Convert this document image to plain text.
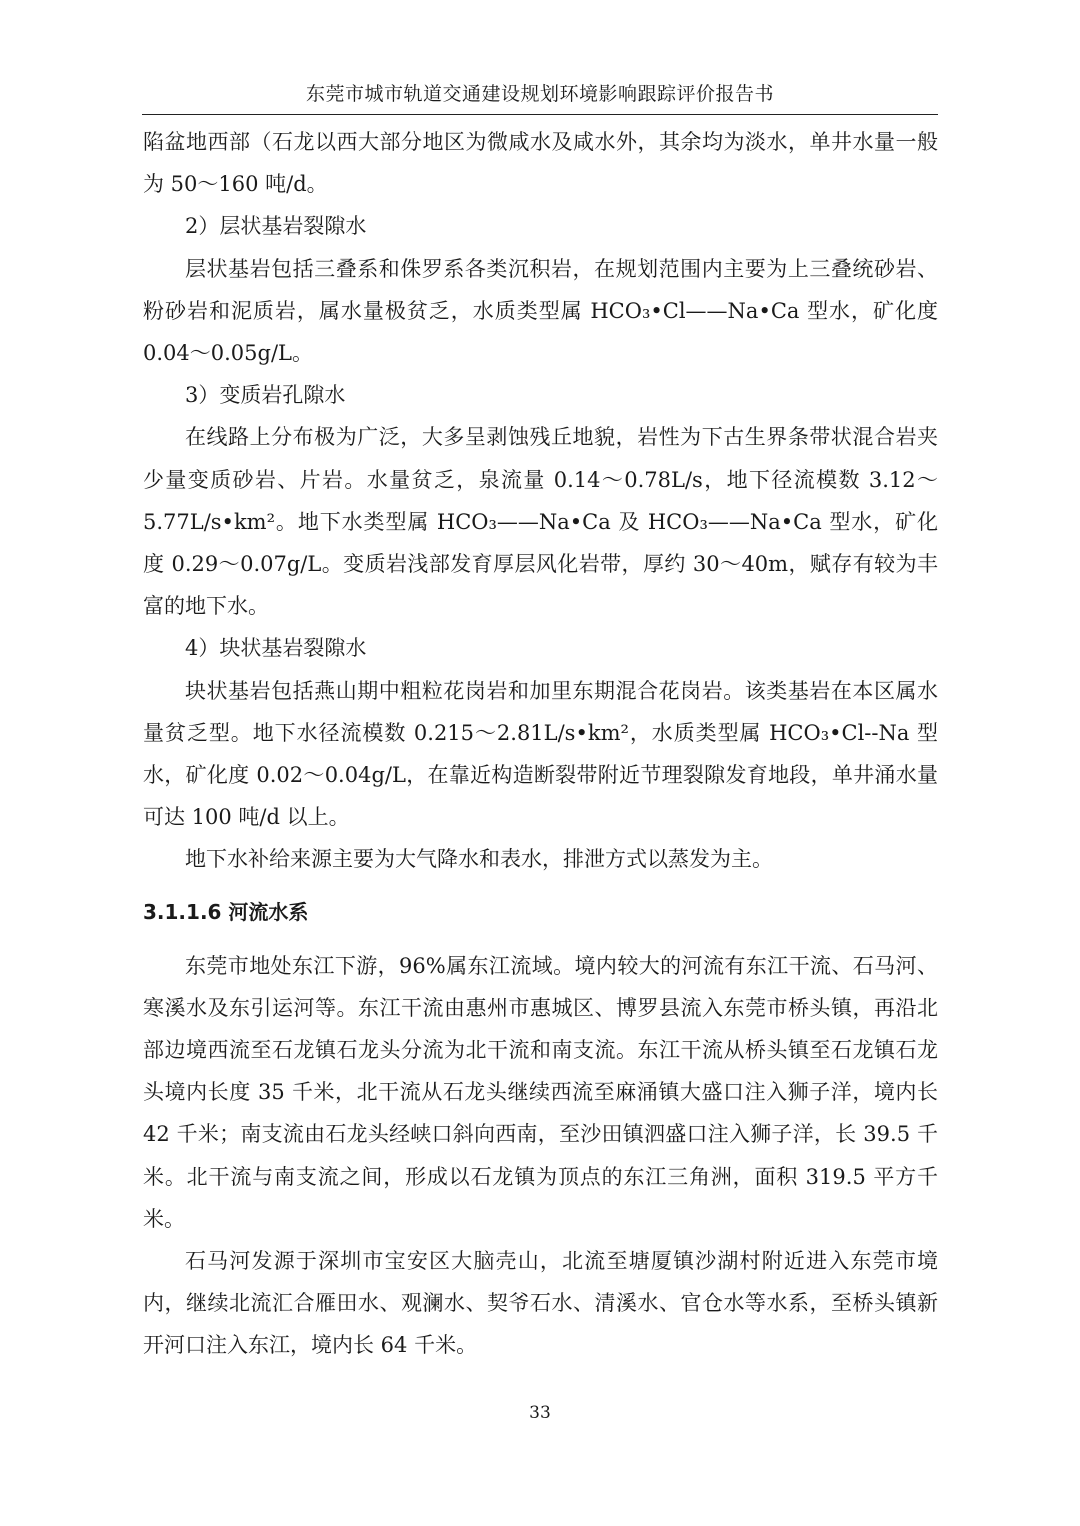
东莞市城市轨道交通建设规划环境影响跟踪评价报告书

陷盆地西部（石龙以西大部分地区为微咸水及咸水外，其余均为淡水，单井水量一般为 50～160 吨/d。

2）层状基岩裂隙水

层状基岩包括三叠系和侏罗系各类沉积岩，在规划范围内主要为上三叠统砂岩、粉砂岩和泥质岩，属水量极贫乏，水质类型属 HCO₃•Cl——Na•Ca 型水，矿化度 0.04～0.05g/L。

3）变质岩孔隙水

在线路上分布极为广泛，大多呈剥蚀残丘地貌，岩性为下古生界条带状混合岩夹少量变质砂岩、片岩。水量贫乏，泉流量 0.14～0.78L/s，地下径流模数 3.12～5.77L/s•km²。地下水类型属 HCO₃——Na•Ca 及 HCO₃——Na•Ca 型水，矿化度 0.29～0.07g/L。变质岩浅部发育厚层风化岩带，厚约 30～40m，赋存有较为丰富的地下水。

4）块状基岩裂隙水

块状基岩包括燕山期中粗粒花岗岩和加里东期混合花岗岩。该类基岩在本区属水量贫乏型。地下水径流模数 0.215～2.81L/s•km²，水质类型属 HCO₃•Cl--Na 型水，矿化度 0.02～0.04g/L，在靠近构造断裂带附近节理裂隙发育地段，单井涌水量可达 100 吨/d 以上。

地下水补给来源主要为大气降水和表水，排泄方式以蒸发为主。

3.1.1.6 河流水系

东莞市地处东江下游，96%属东江流域。境内较大的河流有东江干流、石马河、寒溪水及东引运河等。东江干流由惠州市惠城区、博罗县流入东莞市桥头镇，再沿北部边境西流至石龙镇石龙头分流为北干流和南支流。东江干流从桥头镇至石龙镇石龙头境内长度 35 千米，北干流从石龙头继续西流至麻涌镇大盛口注入狮子洋，境内长 42 千米；南支流由石龙头经峡口斜向西南，至沙田镇泗盛口注入狮子洋，长 39.5 千米。北干流与南支流之间，形成以石龙镇为顶点的东江三角洲，面积 319.5 平方千米。

石马河发源于深圳市宝安区大脑壳山，北流至塘厦镇沙湖村附近进入东莞市境内，继续北流汇合雁田水、观澜水、契爷石水、清溪水、官仓水等水系，至桥头镇新开河口注入东江，境内长 64 千米。

33
